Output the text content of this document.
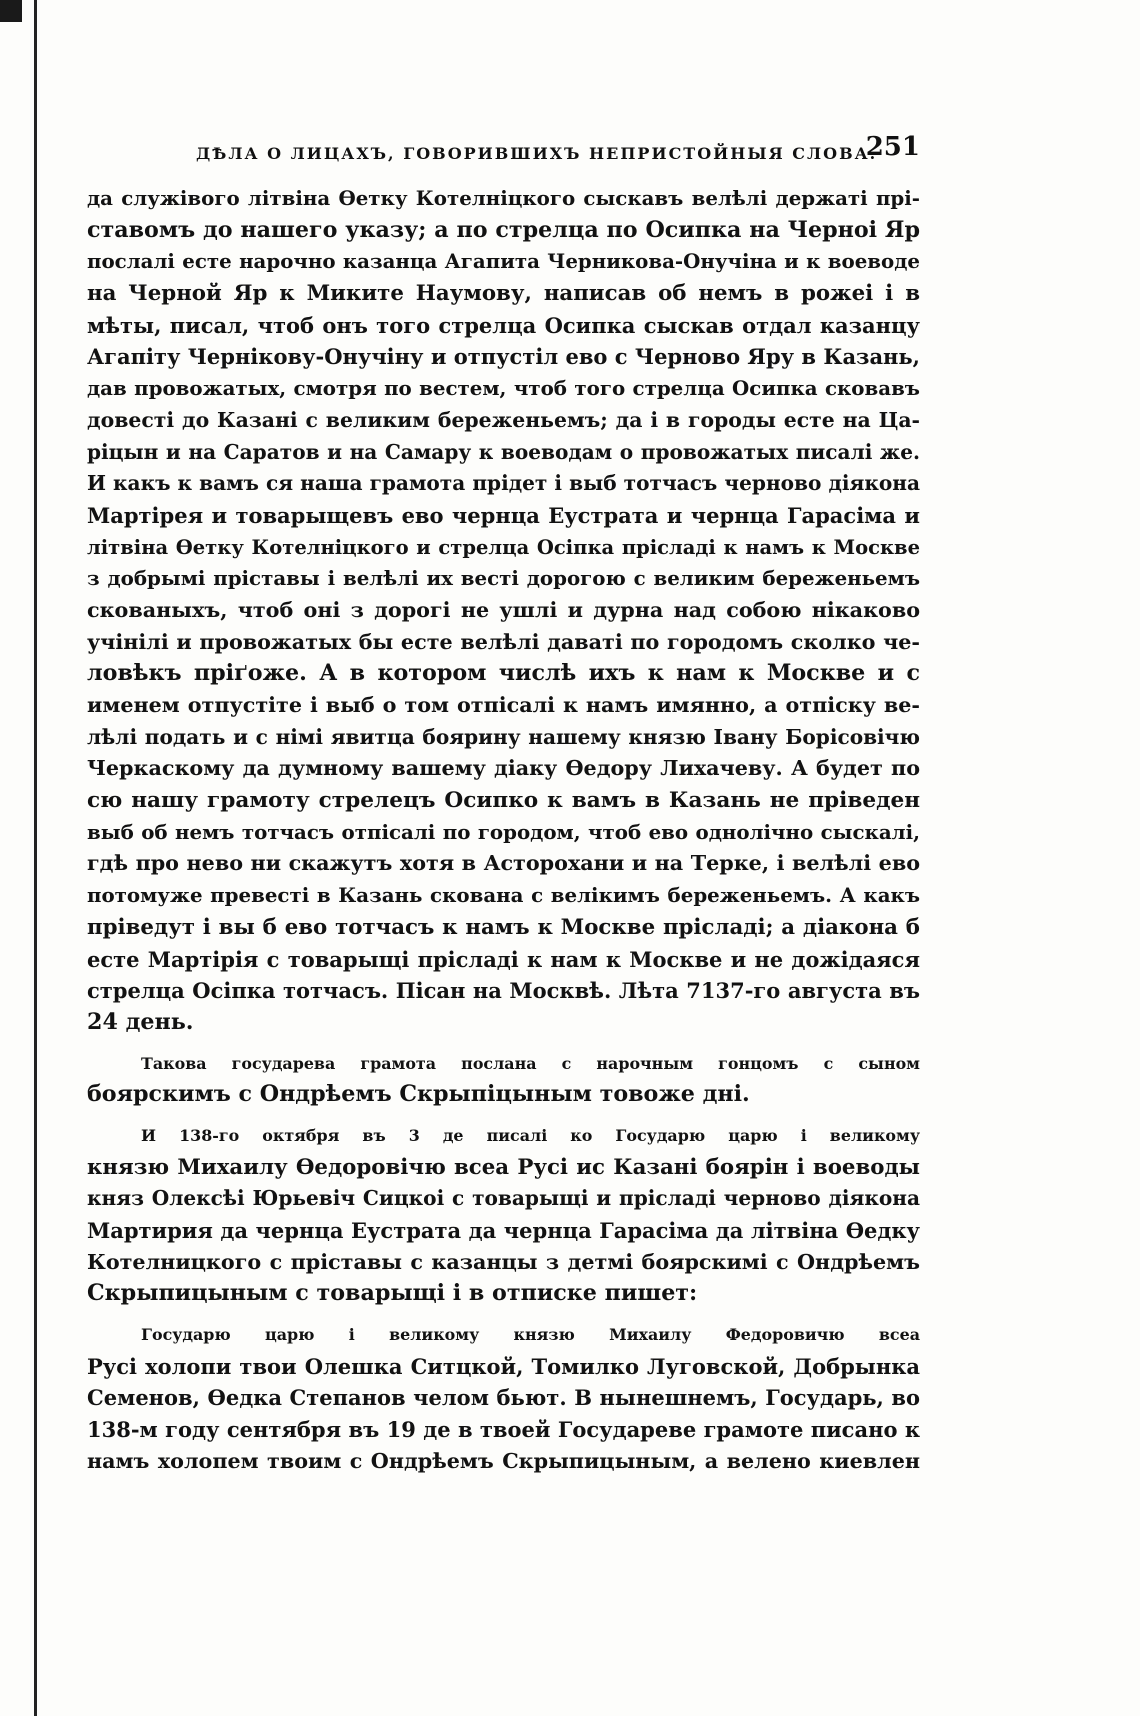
ДѢЛА О ЛИЦАХЪ, ГОВОРИВШИХЪ НЕПРИСТОЙНЫЯ СЛОВА.
251
да служівого літвіна Өетку Котелніцкого сыскавъ велѣлі держаті прі-
ставомъ до нашего указу; а по стрелца по Осипка на Черноі Яр
послалі есте нарочно казанца Агапита Черникова-Онучіна и к воеводе
на Черной Яр к Миките Наумову, написав об немъ в рожеі і в
мѣты, писал, чтоб онъ того стрелца Осипка сыскав отдал казанцу
Агапіту Чернікову-Онучіну и отпустіл ево с Черново Яру в Казань,
дав провожатых, смотря по вестем, чтоб того стрелца Осипка сковавъ
довесті до Казані с великим береженьемъ; да і в городы есте на Ца-
ріцын и на Саратов и на Самару к воеводам о провожатых писалі же.
И какъ к вамъ ся наша грамота прідет і выб тотчасъ черново діякона
Мартірея и товарыщевъ ево чернца Еустрата и чернца Гарасіма и
літвіна Өетку Котелніцкого и стрелца Осіпка прісладі к намъ к Москве
з добрымі пріставы і велѣлі их весті дорогою с великим береженьемъ
скованыхъ, чтоб оні з дорогі не ушлі и дурна над собою нікаково
учінілі и провожатых бы есте велѣлі даваті по городомъ сколко че-
ловѣкъ пріґоже. А в котором числѣ ихъ к нам к Москве и с
именем отпустіте і выб о том отпісалі к намъ имянно, а отпіску ве-
лѣлі подать и с німі явитца боярину нашему князю Івану Борісовічю
Черкаскому да думному вашему діаку Өедору Лихачеву. А будет по
сю нашу грамоту стрелецъ Осипко к вамъ в Казань не пріведен
выб об немъ тотчасъ отпісалі по городом, чтоб ево однолічно сыскалі,
гдѣ про нево ни скажутъ хотя в Асторохани и на Терке, і велѣлі ево
потомуже превесті в Казань скована с велікимъ береженьемъ. А какъ
пріведут і вы б ево тотчасъ к намъ к Москве прісладі; а діакона б
есте Мартірія с товарыщі прісладі к нам к Москве и не дожідаяся
стрелца Осіпка тотчасъ. Пісан на Москвѣ. Лѣта 7137-го августа въ
24 день.
Такова государева грамота послана с нарочным гонцомъ с сыном
боярскимъ с Ондрѣемъ Скрыпіцыным товоже дні.
И 138-го октября въ 3 де писалі ко Государю царю і великому
князю Михаилу Өедоровічю всеа Русі ис Казані боярін і воеводы
княз Олексѣі Юрьевіч Сицкоі с товарыщі и прісладі черново діякона
Мартирия да чернца Еустрата да чернца Гарасіма да літвіна Өедку
Котелницкого с пріставы с казанцы з детмі боярскимі с Ондрѣемъ
Скрыпицыным с товарыщі і в отписке пишет:
Государю царю і великому князю Михаилу Федоровичю всеа
Русі холопи твои Олешка Ситцкой, Томилко Луговской, Добрынка
Семенов, Өедка Степанов челом бьют. В нынешнемъ, Государь, во
138-м году сентября въ 19 де в твоей Государеве грамоте писано к
намъ холопем твоим с Ондрѣемъ Скрыпицыным, а велено киевлен
